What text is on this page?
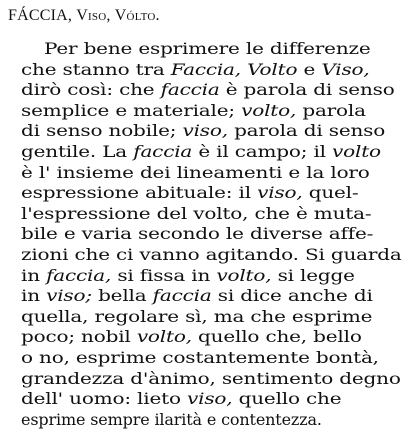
FÁCCIA, Viso, Vólto.
Per bene esprimere le differenze
che stanno tra Faccia, Volto e Viso,
dirò così: che faccia è parola di senso
semplice e materiale; volto, parola
di senso nobile; viso, parola di senso
gentile. La faccia è il campo; il volto
è l' insieme dei lineamenti e la loro
espressione abituale: il viso, quel-
l'espressione del volto, che è muta-
bile e varia secondo le diverse affe-
zioni che ci vanno agitando. Si guarda
in faccia, si fissa in volto, si legge
in viso; bella faccia si dice anche di
quella, regolare sì, ma che esprime
poco; nobil volto, quello che, bello
o no, esprime costantemente bontà,
grandezza d'ànimo, sentimento degno
dell' uomo: lieto viso, quello che
esprime sempre ilarità e contentezza.
